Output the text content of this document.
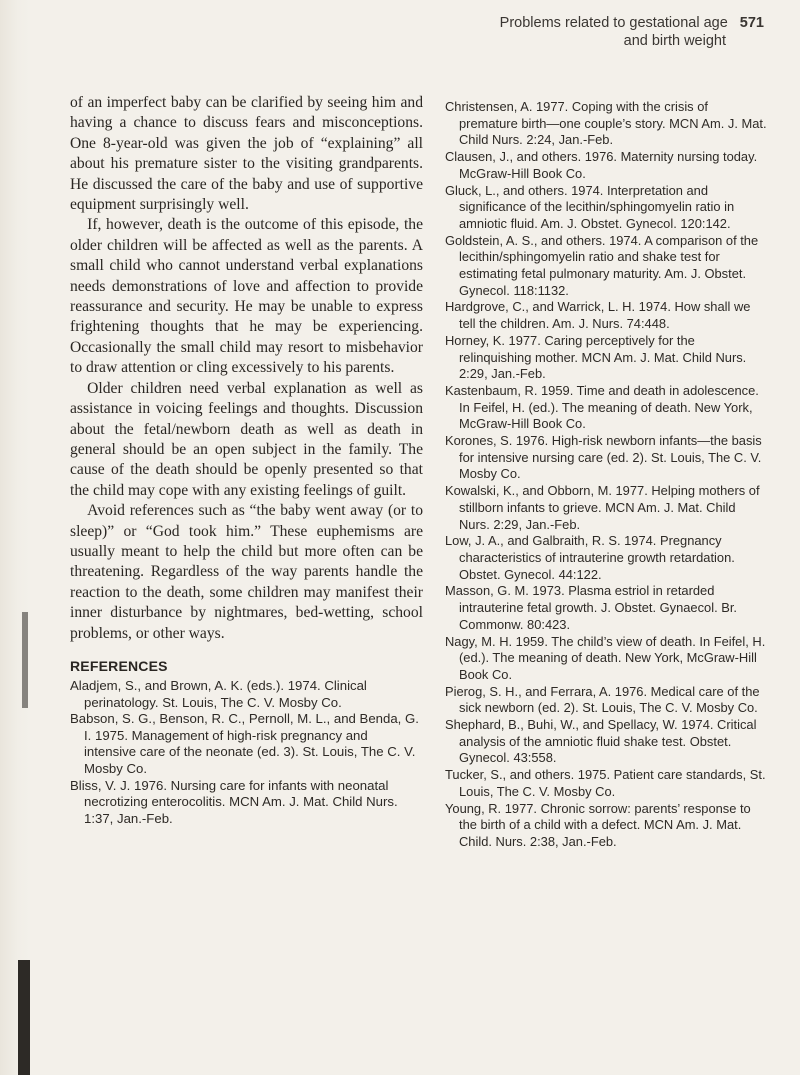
Problems related to gestational age 571
and birth weight

of an imperfect baby can be clarified by seeing him and having a chance to discuss fears and misconceptions. One 8-year-old was given the job of “explaining” all about his premature sister to the visiting grandparents. He discussed the care of the baby and use of supportive equipment surprisingly well.

If, however, death is the outcome of this episode, the older children will be affected as well as the parents. A small child who cannot understand verbal explanations needs demonstrations of love and affection to provide reassurance and security. He may be unable to express frightening thoughts that he may be experiencing. Occasionally the small child may resort to misbehavior to draw attention or cling excessively to his parents.

Older children need verbal explanation as well as assistance in voicing feelings and thoughts. Discussion about the fetal/newborn death as well as death in general should be an open subject in the family. The cause of the death should be openly presented so that the child may cope with any existing feelings of guilt.

Avoid references such as “the baby went away (or to sleep)” or “God took him.” These euphemisms are usually meant to help the child but more often can be threatening. Regardless of the way parents handle the reaction to the death, some children may manifest their inner disturbance by nightmares, bed-wetting, school problems, or other ways.

REFERENCES

Aladjem, S., and Brown, A. K. (eds.). 1974. Clinical perinatology. St. Louis, The C. V. Mosby Co.

Babson, S. G., Benson, R. C., Pernoll, M. L., and Benda, G. I. 1975. Management of high-risk pregnancy and intensive care of the neonate (ed. 3). St. Louis, The C. V. Mosby Co.

Bliss, V. J. 1976. Nursing care for infants with neonatal necrotizing enterocolitis. MCN Am. J. Mat. Child Nurs. 1:37, Jan.-Feb.

Christensen, A. 1977. Coping with the crisis of premature birth—one couple’s story. MCN Am. J. Mat. Child Nurs. 2:24, Jan.-Feb.

Clausen, J., and others. 1976. Maternity nursing today. McGraw-Hill Book Co.

Gluck, L., and others. 1974. Interpretation and significance of the lecithin/sphingomyelin ratio in amniotic fluid. Am. J. Obstet. Gynecol. 120:142.

Goldstein, A. S., and others. 1974. A comparison of the lecithin/sphingomyelin ratio and shake test for estimating fetal pulmonary maturity. Am. J. Obstet. Gynecol. 118:1132.

Hardgrove, C., and Warrick, L. H. 1974. How shall we tell the children. Am. J. Nurs. 74:448.

Horney, K. 1977. Caring perceptively for the relinquishing mother. MCN Am. J. Mat. Child Nurs. 2:29, Jan.-Feb.

Kastenbaum, R. 1959. Time and death in adolescence. In Feifel, H. (ed.). The meaning of death. New York, McGraw-Hill Book Co.

Korones, S. 1976. High-risk newborn infants—the basis for intensive nursing care (ed. 2). St. Louis, The C. V. Mosby Co.

Kowalski, K., and Obborn, M. 1977. Helping mothers of stillborn infants to grieve. MCN Am. J. Mat. Child Nurs. 2:29, Jan.-Feb.

Low, J. A., and Galbraith, R. S. 1974. Pregnancy characteristics of intrauterine growth retardation. Obstet. Gynecol. 44:122.

Masson, G. M. 1973. Plasma estriol in retarded intrauterine fetal growth. J. Obstet. Gynaecol. Br. Commonw. 80:423.

Nagy, M. H. 1959. The child’s view of death. In Feifel, H. (ed.). The meaning of death. New York, McGraw-Hill Book Co.

Pierog, S. H., and Ferrara, A. 1976. Medical care of the sick newborn (ed. 2). St. Louis, The C. V. Mosby Co.

Shephard, B., Buhi, W., and Spellacy, W. 1974. Critical analysis of the amniotic fluid shake test. Obstet. Gynecol. 43:558.

Tucker, S., and others. 1975. Patient care standards, St. Louis, The C. V. Mosby Co.

Young, R. 1977. Chronic sorrow: parents’ response to the birth of a child with a defect. MCN Am. J. Mat. Child. Nurs. 2:38, Jan.-Feb.
